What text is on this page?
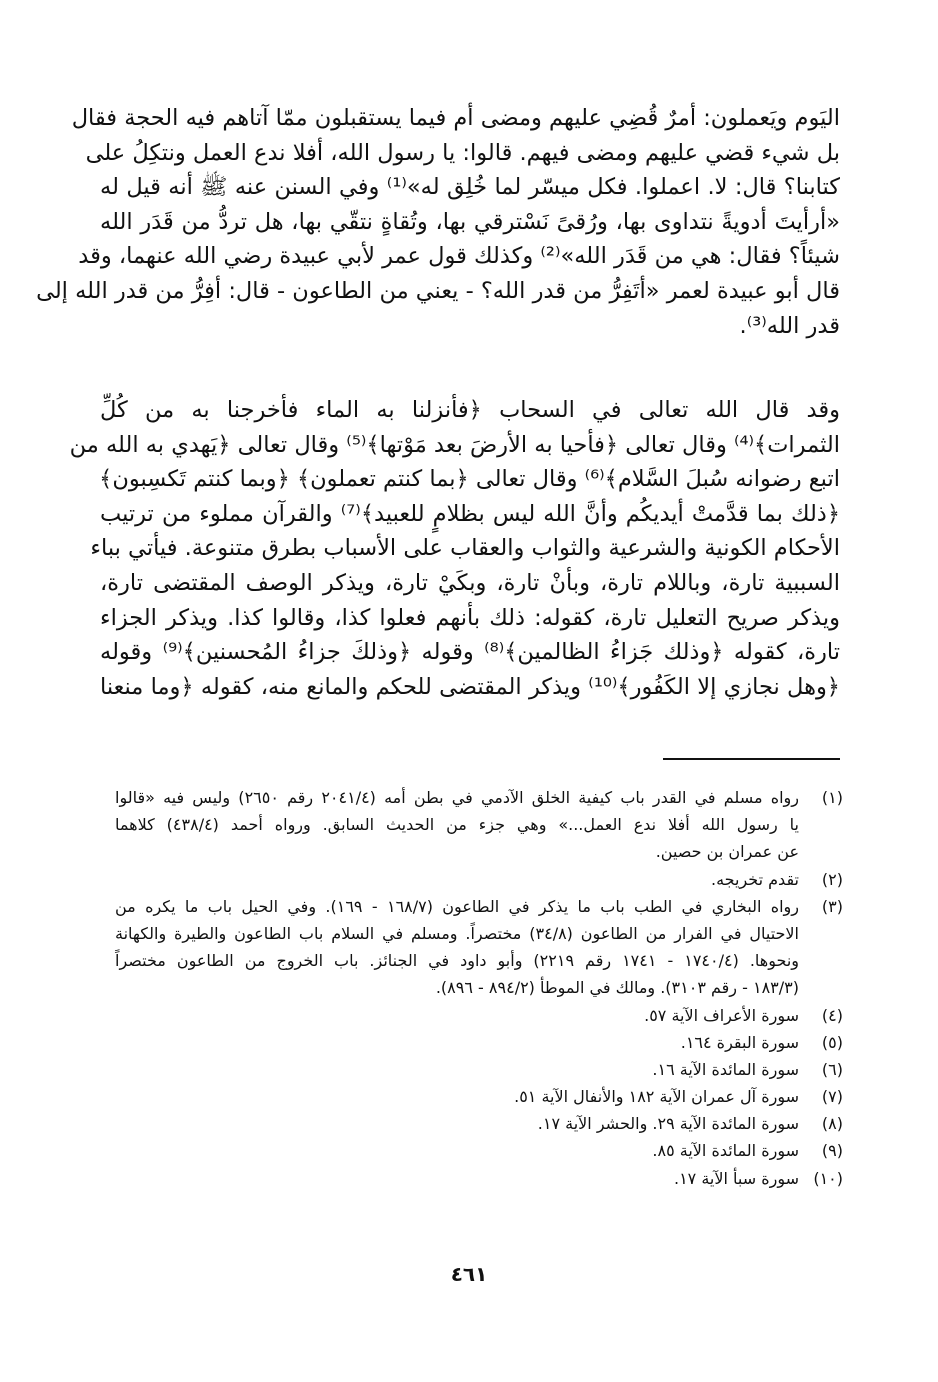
اليَوم ويَعملون: أمرٌ قُضِي عليهم ومضى أم فيما يستقبلون ممّا آتاهم فيه الحجة فقال
بل شيء قضي عليهم ومضى فيهم. قالوا: يا رسول الله، أفلا ندع العمل ونتكِلُ على
كتابنا؟ قال: لا. اعملوا. فكل ميسّر لما خُلِق له»⁽¹⁾ وفي السنن عنه ﷺ أنه قيل له
«أرأيتَ أدويةً نتداوى بها، ورُقىً نَسْترقي بها، وتُقاةٍ نتقّي بها، هل تردُّ من قَدَر الله
شيئاً؟ فقال: هي من قَدَر الله»⁽²⁾ وكذلك قول عمر لأبي عبيدة رضي الله عنهما، وقد
قال أبو عبيدة لعمر «أتَفِرُّ من قدر الله؟ - يعني من الطاعون - قال: أفِرُّ من قدر الله إلى
قدر الله⁽³⁾.
وقد قال الله تعالى في السحاب ﴿فأنزلنا به الماء فأخرجنا به من كُلِّ
الثمرات﴾⁽⁴⁾ وقال تعالى ﴿فأحيا به الأرضَ بعد مَوْتها﴾⁽⁵⁾ وقال تعالى ﴿يَهدي به الله من
اتبع رضوانه سُبلَ السَّلام﴾⁽⁶⁾ وقال تعالى ﴿بما كنتم تعملون﴾ ﴿وبما كنتم تَكسِبون﴾
﴿ذلك بما قدَّمتْ أيديكُم وأنَّ الله ليس بظلامٍ للعبيد﴾⁽⁷⁾ والقرآن مملوء من ترتيب
الأحكام الكونية والشرعية والثواب والعقاب على الأسباب بطرق متنوعة. فيأتي بباء
السببية تارة، وباللام تارة، وبأنْ تارة، وبكَيْ تارة، ويذكر الوصف المقتضى تارة،
ويذكر صريح التعليل تارة، كقوله: ذلك بأنهم فعلوا كذا، وقالوا كذا. ويذكر الجزاء
تارة، كقوله ﴿وذلك جَزاءُ الظالمين﴾⁽⁸⁾ وقوله ﴿وذلكَ جزاءُ المُحسنين﴾⁽⁹⁾ وقوله
﴿وهل نجازي إلا الكَفُور﴾⁽¹⁰⁾ ويذكر المقتضى للحكم والمانع منه، كقوله ﴿وما منعنا
(١)
رواه مسلم في القدر باب كيفية الخلق الآدمي في بطن أمه (٢٠٤١/٤ رقم ٢٦٥٠) وليس فيه «قالوا
يا رسول الله أفلا ندع العمل...» وهي جزء من الحديث السابق. ورواه أحمد (٤٣٨/٤) كلاهما
عن عمران بن حصين.
(٢)
تقدم تخريجه.
(٣)
رواه البخاري في الطب باب ما يذكر في الطاعون (١٦٨/٧ - ١٦٩). وفي الحيل باب ما يكره من
الاحتيال في الفرار من الطاعون (٣٤/٨) مختصراً. ومسلم في السلام باب الطاعون والطيرة والكهانة
ونحوها. (١٧٤٠/٤ - ١٧٤١ رقم ٢٢١٩) وأبو داود في الجنائز. باب الخروج من الطاعون مختصراً
(١٨٣/٣ - رقم ٣١٠٣). ومالك في الموطأ (٨٩٤/٢ - ٨٩٦).
(٤)
سورة الأعراف الآية ٥٧.
(٥)
سورة البقرة ١٦٤.
(٦)
سورة المائدة الآية ١٦.
(٧)
سورة آل عمران الآية ١٨٢ والأنفال الآية ٥١.
(٨)
سورة المائدة الآية ٢٩. والحشر الآية ١٧.
(٩)
سورة المائدة الآية ٨٥.
(١٠)
سورة سبأ الآية ١٧.
٤٦١
